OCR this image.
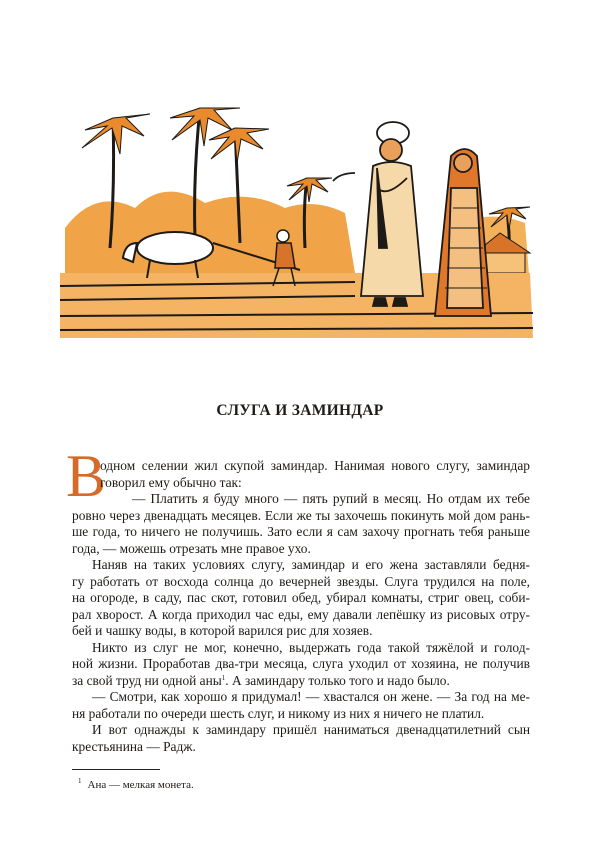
СЛУГА И ЗАМИНДАР
В
одном селении жил скупой заминдар. Нанимая нового слугу, заминдар
говорил ему обычно так:
— Платить я буду много — пять рупий в месяц. Но отдам их тебе
ровно через двенадцать месяцев. Если же ты захочешь покинуть мой дом рань-
ше года, то ничего не получишь. Зато если я сам захочу прогнать тебя раньше
года, — можешь отрезать мне правое ухо.
Наняв на таких условиях слугу, заминдар и его жена заставляли бедня-
гу работать от восхода солнца до вечерней звезды. Слуга трудился на поле,
на огороде, в саду, пас скот, готовил обед, убирал комнаты, стриг овец, соби-
рал хворост. А когда приходил час еды, ему давали лепёшку из рисовых отру-
бей и чашку воды, в которой варился рис для хозяев.
Никто из слуг не мог, конечно, выдержать года такой тяжёлой и голод-
ной жизни. Проработав два-три месяца, слуга уходил от хозяина, не получив
за свой труд ни одной аны$^1$. А заминдару только того и надо было.
— Смотри, как хорошо я придумал! — хвастался он жене. — За год на ме-
ня работали по очереди шесть слуг, и никому из них я ничего не платил.
И вот однажды к заминдару пришёл наниматься двенадцатилетний сын
крестьянина — Радж.
$^1$ Ана — мелкая монета.
